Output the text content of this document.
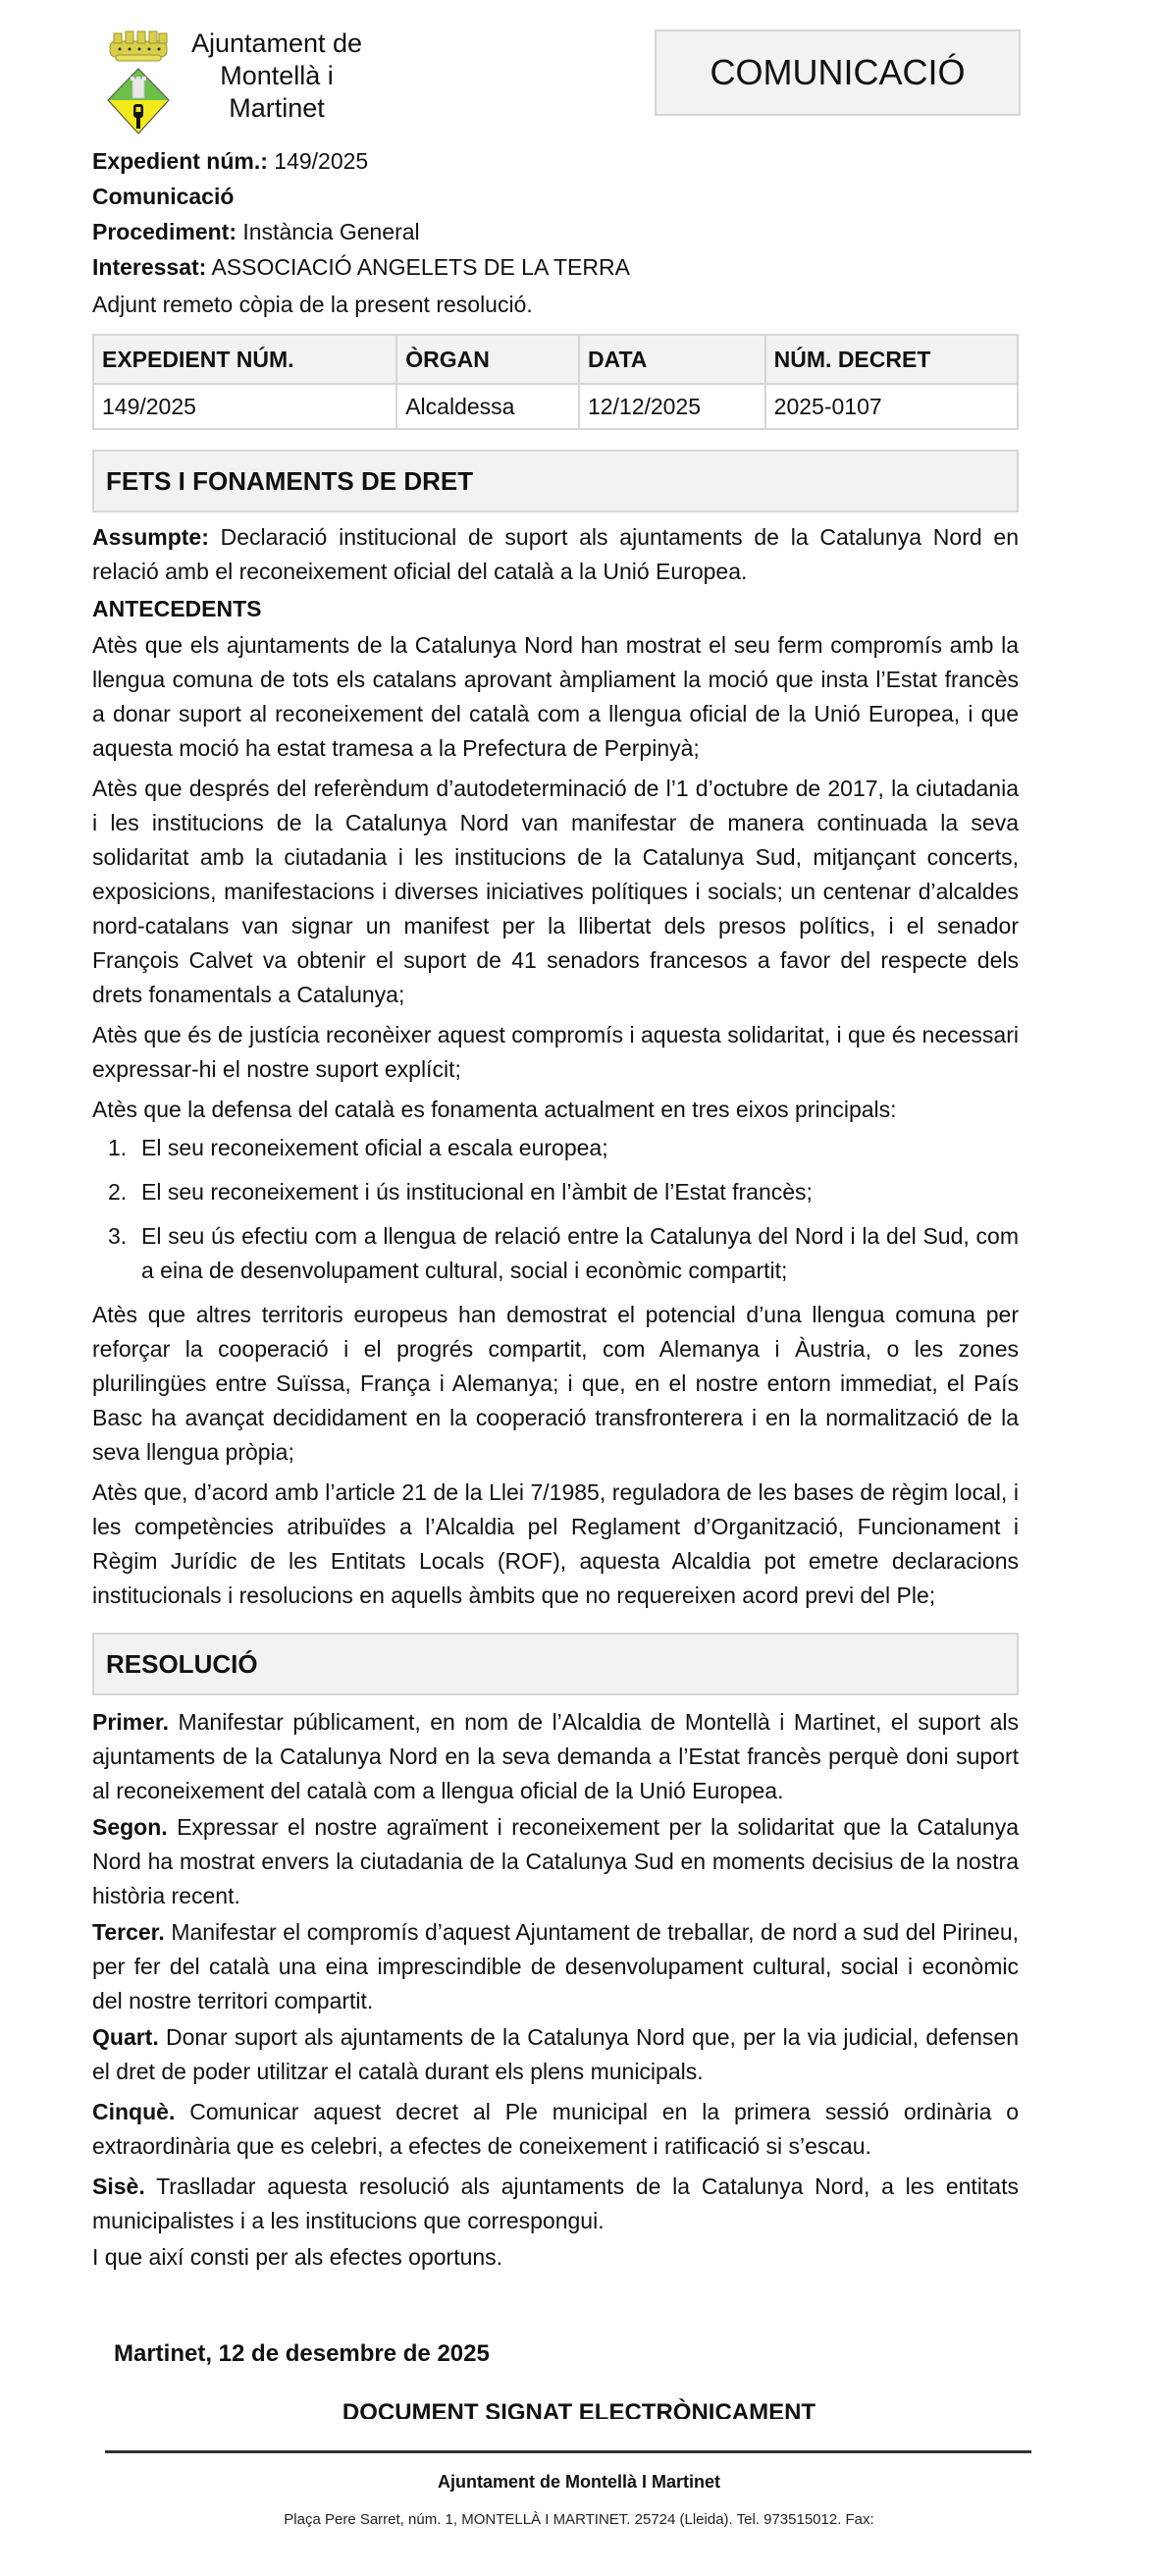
Ajuntament de
Montellà i
Martinet
COMUNICACIÓ
Expedient núm.: 149/2025
Comunicació
Procediment: Instància General
Interessat: ASSOCIACIÓ ANGELETS DE LA TERRA
Adjunt remeto còpia de la present resolució.
EXPEDIENT NÚM.	ÒRGAN	DATA	NÚM. DECRET
149/2025	Alcaldessa	12/12/2025	2025-0107
FETS I FONAMENTS DE DRET
Assumpte: Declaració institucional de suport als ajuntaments de la Catalunya Nord en relació amb el reconeixement oficial del català a la Unió Europea.
ANTECEDENTS
Atès que els ajuntaments de la Catalunya Nord han mostrat el seu ferm compromís amb la llengua comuna de tots els catalans aprovant àmpliament la moció que insta l’Estat francès a donar suport al reconeixement del català com a llengua oficial de la Unió Europea, i que aquesta moció ha estat tramesa a la Prefectura de Perpinyà;
Atès que després del referèndum d’autodeterminació de l’1 d’octubre de 2017, la ciutadania i les institucions de la Catalunya Nord van manifestar de manera continuada la seva solidaritat amb la ciutadania i les institucions de la Catalunya Sud, mitjançant concerts, exposicions, manifestacions i diverses iniciatives polítiques i socials; un centenar d’alcaldes nord-catalans van signar un manifest per la llibertat dels presos polítics, i el senador François Calvet va obtenir el suport de 41 senadors francesos a favor del respecte dels drets fonamentals a Catalunya;
Atès que és de justícia reconèixer aquest compromís i aquesta solidaritat, i que és necessari expressar-hi el nostre suport explícit;
Atès que la defensa del català es fonamenta actualment en tres eixos principals:
1. El seu reconeixement oficial a escala europea;
2. El seu reconeixement i ús institucional en l’àmbit de l’Estat francès;
3. El seu ús efectiu com a llengua de relació entre la Catalunya del Nord i la del Sud, com a eina de desenvolupament cultural, social i econòmic compartit;
Atès que altres territoris europeus han demostrat el potencial d’una llengua comuna per reforçar la cooperació i el progrés compartit, com Alemanya i Àustria, o les zones plurilingües entre Suïssa, França i Alemanya; i que, en el nostre entorn immediat, el País Basc ha avançat decididament en la cooperació transfronterera i en la normalització de la seva llengua pròpia;
Atès que, d’acord amb l’article 21 de la Llei 7/1985, reguladora de les bases de règim local, i les competències atribuïdes a l’Alcaldia pel Reglament d’Organització, Funcionament i Règim Jurídic de les Entitats Locals (ROF), aquesta Alcaldia pot emetre declaracions institucionals i resolucions en aquells àmbits que no requereixen acord previ del Ple;
RESOLUCIÓ
Primer. Manifestar públicament, en nom de l’Alcaldia de Montellà i Martinet, el suport als ajuntaments de la Catalunya Nord en la seva demanda a l’Estat francès perquè doni suport al reconeixement del català com a llengua oficial de la Unió Europea.
Segon. Expressar el nostre agraïment i reconeixement per la solidaritat que la Catalunya Nord ha mostrat envers la ciutadania de la Catalunya Sud en moments decisius de la nostra història recent.
Tercer. Manifestar el compromís d’aquest Ajuntament de treballar, de nord a sud del Pirineu, per fer del català una eina imprescindible de desenvolupament cultural, social i econòmic del nostre territori compartit.
Quart. Donar suport als ajuntaments de la Catalunya Nord que, per la via judicial, defensen el dret de poder utilitzar el català durant els plens municipals.
Cinquè. Comunicar aquest decret al Ple municipal en la primera sessió ordinària o extraordinària que es celebri, a efectes de coneixement i ratificació si s’escau.
Sisè. Traslladar aquesta resolució als ajuntaments de la Catalunya Nord, a les entitats municipalistes i a les institucions que correspongui.
I que així consti per als efectes oportuns.
Martinet, 12 de desembre de 2025
DOCUMENT SIGNAT ELECTRÒNICAMENT
Ajuntament de Montellà I Martinet
Plaça Pere Sarret, núm. 1, MONTELLÀ I MARTINET. 25724 (Lleida). Tel. 973515012. Fax:
